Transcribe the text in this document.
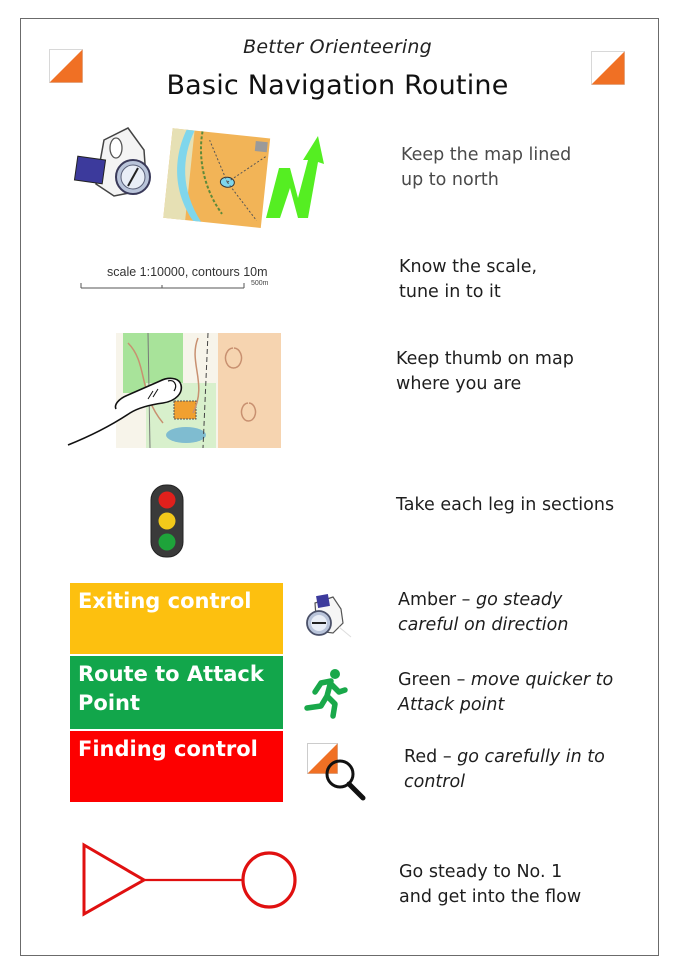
Better Orienteering
Basic Navigation Routine
Keep the map lined
up to north
scale 1:10000, contours 10m
500m
Know the scale,
tune in to it
Keep thumb on map
where you are
Take each leg in sections
Exiting control
Route to Attack Point
Finding control
Amber – go steady
careful on direction
Green – move quicker to
Attack point
Red – go carefully in to
control
Go steady to No. 1
and get into the flow
